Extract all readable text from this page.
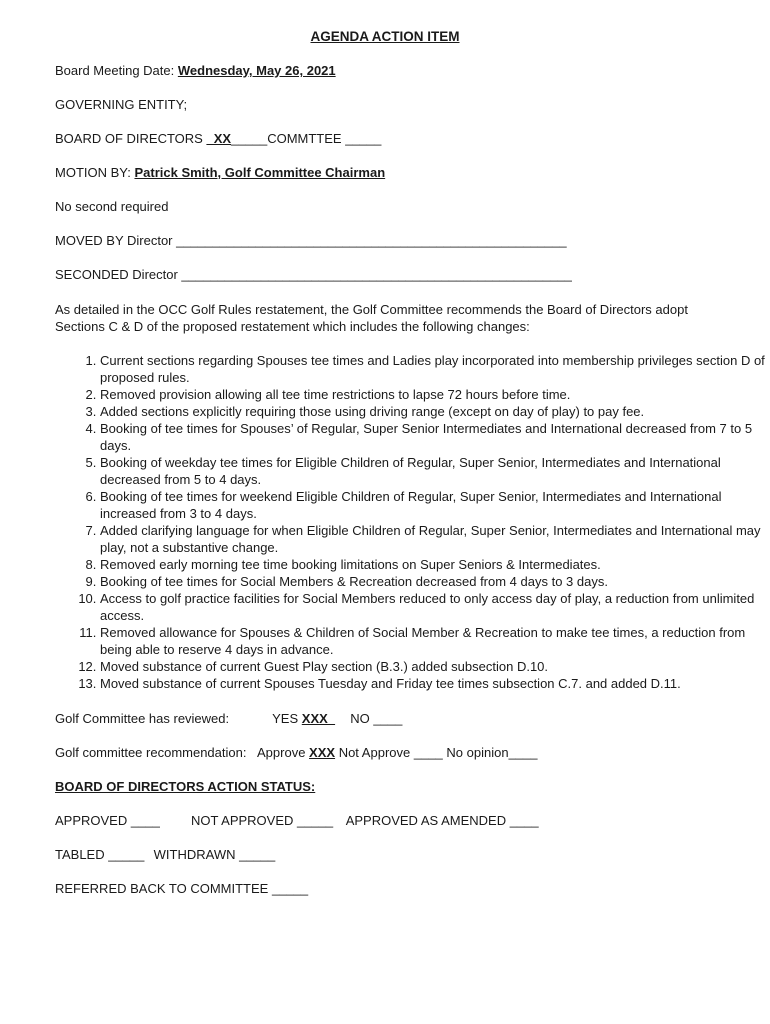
AGENDA ACTION ITEM
Board Meeting Date: Wednesday, May 26, 2021
GOVERNING ENTITY;
BOARD OF DIRECTORS _XX_____COMMTTEE _____
MOTION BY: Patrick Smith, Golf Committee Chairman
No second required
MOVED BY Director ______________________________________________________
SECONDED Director ______________________________________________________
As detailed in the OCC Golf Rules restatement, the Golf Committee recommends the Board of Directors adopt Sections C & D of the proposed restatement which includes the following changes:
1. Current sections regarding Spouses tee times and Ladies play incorporated into membership privileges section D of proposed rules.
2. Removed provision allowing all tee time restrictions to lapse 72 hours before time.
3. Added sections explicitly requiring those using driving range (except on day of play) to pay fee.
4. Booking of tee times for Spouses’ of Regular, Super Senior Intermediates and International decreased from 7 to 5 days.
5. Booking of weekday tee times for Eligible Children of Regular, Super Senior, Intermediates and International decreased from 5 to 4 days.
6. Booking of tee times for weekend Eligible Children of Regular, Super Senior, Intermediates and International increased from 3 to 4 days.
7. Added clarifying language for when Eligible Children of Regular, Super Senior, Intermediates and International may play, not a substantive change.
8. Removed early morning tee time booking limitations on Super Seniors & Intermediates.
9. Booking of tee times for Social Members & Recreation decreased from 4 days to 3 days.
10. Access to golf practice facilities for Social Members reduced to only access day of play, a reduction from unlimited access.
11. Removed allowance for Spouses & Children of Social Member & Recreation to make tee times, a reduction from being able to reserve 4 days in advance.
12. Moved substance of current Guest Play section (B.3.) added subsection D.10.
13. Moved substance of current Spouses Tuesday and Friday tee times subsection C.7. and added D.11.
Golf Committee has reviewed:	YES XXX_ NO ____
Golf committee recommendation: Approve XXX Not Approve ____ No opinion____
BOARD OF DIRECTORS ACTION STATUS:
APPROVED ____ NOT APPROVED _____ APPROVED AS AMENDED ____
TABLED _____ WITHDRAWN _____
REFERRED BACK TO COMMITTEE _____
